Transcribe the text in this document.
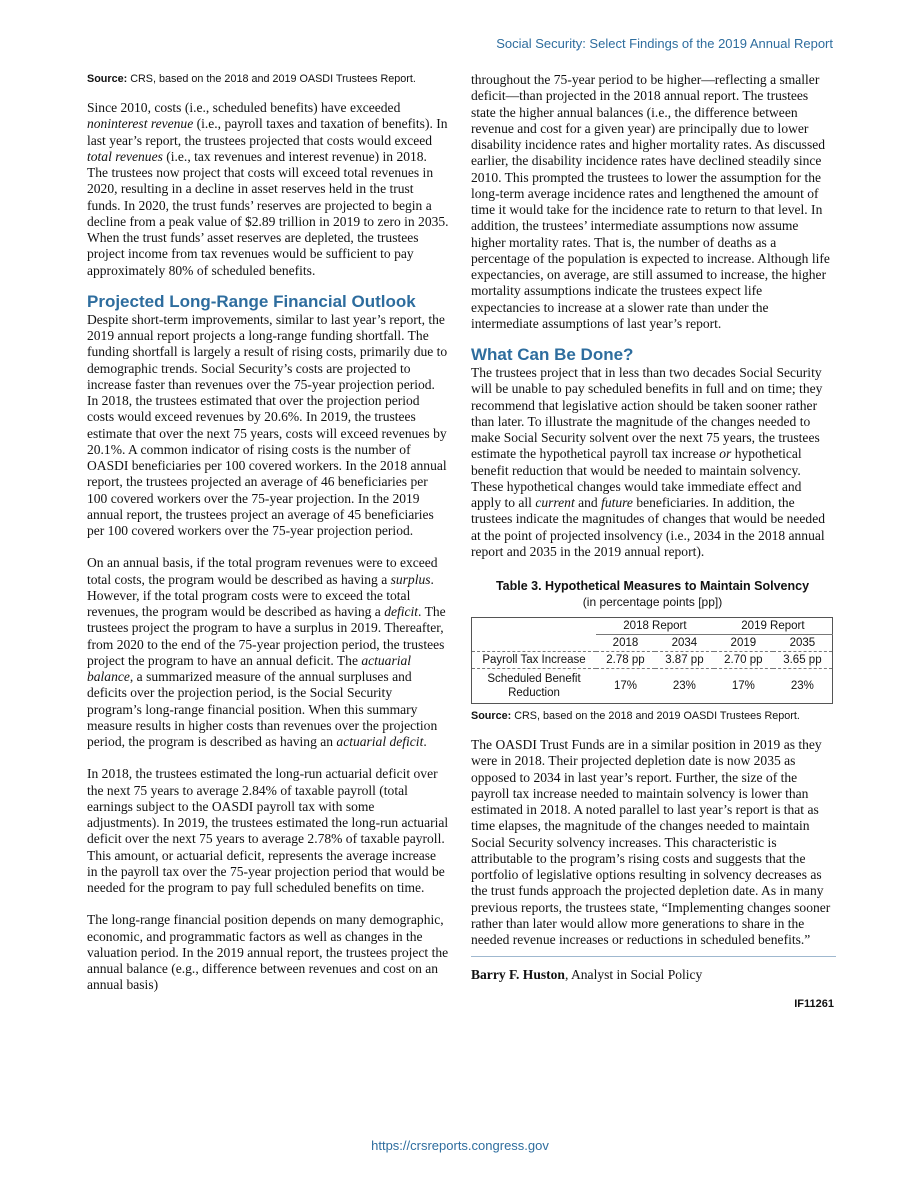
Social Security: Select Findings of the 2019 Annual Report

Source: CRS, based on the 2018 and 2019 OASDI Trustees Report.

Since 2010, costs (i.e., scheduled benefits) have exceeded noninterest revenue (i.e., payroll taxes and taxation of benefits). In last year’s report, the trustees projected that costs would exceed total revenues (i.e., tax revenues and interest revenue) in 2018. The trustees now project that costs will exceed total revenues in 2020, resulting in a decline in asset reserves held in the trust funds. In 2020, the trust funds’ reserves are projected to begin a decline from a peak value of $2.89 trillion in 2019 to zero in 2035. When the trust funds’ asset reserves are depleted, the trustees project income from tax revenues would be sufficient to pay approximately 80% of scheduled benefits.

Projected Long-Range Financial Outlook

Despite short-term improvements, similar to last year’s report, the 2019 annual report projects a long-range funding shortfall. The funding shortfall is largely a result of rising costs, primarily due to demographic trends. Social Security’s costs are projected to increase faster than revenues over the 75-year projection period. In 2018, the trustees estimated that over the projection period costs would exceed revenues by 20.6%. In 2019, the trustees estimate that over the next 75 years, costs will exceed revenues by 20.1%. A common indicator of rising costs is the number of OASDI beneficiaries per 100 covered workers. In the 2018 annual report, the trustees projected an average of 46 beneficiaries per 100 covered workers over the 75-year projection. In the 2019 annual report, the trustees project an average of 45 beneficiaries per 100 covered workers over the 75-year projection period.

On an annual basis, if the total program revenues were to exceed total costs, the program would be described as having a surplus. However, if the total program costs were to exceed the total revenues, the program would be described as having a deficit. The trustees project the program to have a surplus in 2019. Thereafter, from 2020 to the end of the 75-year projection period, the trustees project the program to have an annual deficit. The actuarial balance, a summarized measure of the annual surpluses and deficits over the projection period, is the Social Security program’s long-range financial position. When this summary measure results in higher costs than revenues over the projection period, the program is described as having an actuarial deficit.

In 2018, the trustees estimated the long-run actuarial deficit over the next 75 years to average 2.84% of taxable payroll (total earnings subject to the OASDI payroll tax with some adjustments). In 2019, the trustees estimated the long-run actuarial deficit over the next 75 years to average 2.78% of taxable payroll. This amount, or actuarial deficit, represents the average increase in the payroll tax over the 75-year projection period that would be needed for the program to pay full scheduled benefits on time.

The long-range financial position depends on many demographic, economic, and programmatic factors as well as changes in the valuation period. In the 2019 annual report, the trustees project the annual balance (e.g., difference between revenues and cost on an annual basis)

throughout the 75-year period to be higher—reflecting a smaller deficit—than projected in the 2018 annual report. The trustees state the higher annual balances (i.e., the difference between revenue and cost for a given year) are principally due to lower disability incidence rates and higher mortality rates. As discussed earlier, the disability incidence rates have declined steadily since 2010. This prompted the trustees to lower the assumption for the long-term average incidence rates and lengthened the amount of time it would take for the incidence rate to return to that level. In addition, the trustees’ intermediate assumptions now assume higher mortality rates. That is, the number of deaths as a percentage of the population is expected to increase. Although life expectancies, on average, are still assumed to increase, the higher mortality assumptions indicate the trustees expect life expectancies to increase at a slower rate than under the intermediate assumptions of last year’s report.

What Can Be Done?

The trustees project that in less than two decades Social Security will be unable to pay scheduled benefits in full and on time; they recommend that legislative action should be taken sooner rather than later. To illustrate the magnitude of the changes needed to make Social Security solvent over the next 75 years, the trustees estimate the hypothetical payroll tax increase or hypothetical benefit reduction that would be needed to maintain solvency. These hypothetical changes would take immediate effect and apply to all current and future beneficiaries. In addition, the trustees indicate the magnitudes of changes that would be needed at the point of projected insolvency (i.e., 2034 in the 2018 annual report and 2035 in the 2019 annual report).

Table 3. Hypothetical Measures to Maintain Solvency

(in percentage points [pp])

	2018 Report		2019 Report	
	2018	2034	2019	2035
Payroll Tax Increase	2.78 pp	3.87 pp	2.70 pp	3.65 pp
Scheduled Benefit Reduction	17%	23%	17%	23%

Source: CRS, based on the 2018 and 2019 OASDI Trustees Report.

The OASDI Trust Funds are in a similar position in 2019 as they were in 2018. Their projected depletion date is now 2035 as opposed to 2034 in last year’s report. Further, the size of the payroll tax increase needed to maintain solvency is lower than estimated in 2018. A noted parallel to last year’s report is that as time elapses, the magnitude of the changes needed to maintain Social Security solvency increases. This characteristic is attributable to the program’s rising costs and suggests that the portfolio of legislative options resulting in solvency decreases as the trust funds approach the projected depletion date. As in many previous reports, the trustees state, “Implementing changes sooner rather than later would allow more generations to share in the needed revenue increases or reductions in scheduled benefits.”

Barry F. Huston, Analyst in Social Policy

IF11261
https://crsreports.congress.gov
